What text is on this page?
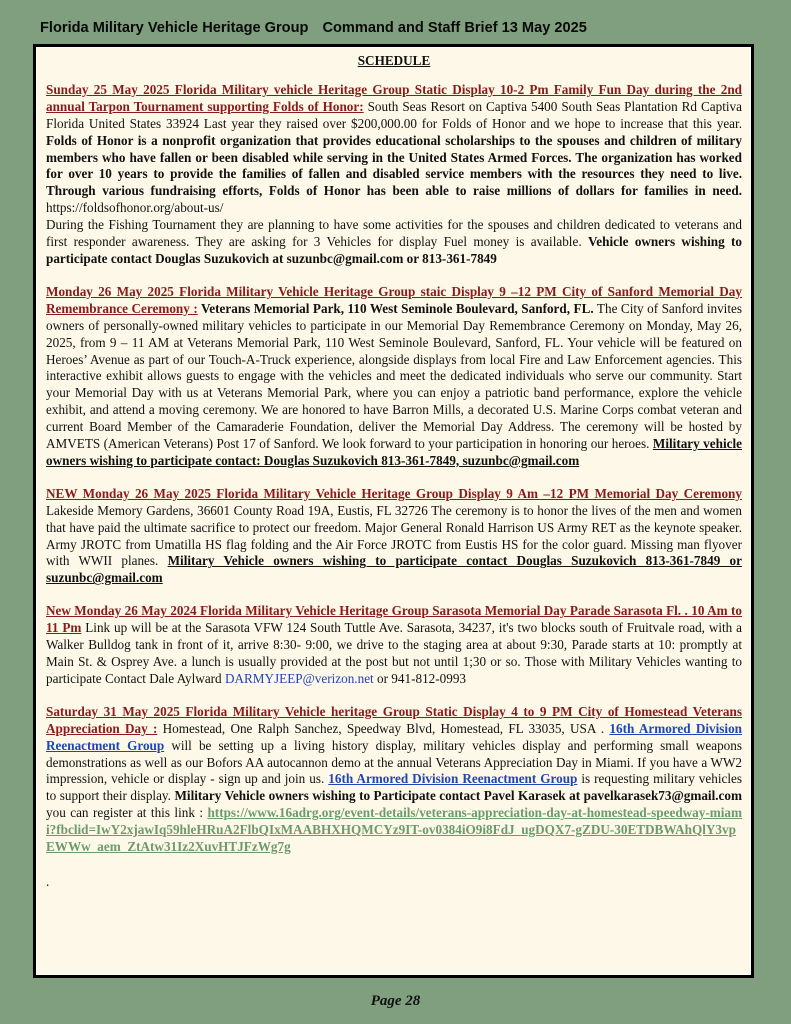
Florida Military Vehicle Heritage Group Command and Staff Brief 13 May 2025
SCHEDULE
Sunday 25 May 2025 Florida Military vehicle Heritage Group Static Display 10-2 Pm Family Fun Day during the 2nd annual Tarpon Tournament supporting Folds of Honor: South Seas Resort on Captiva 5400 South Seas Plantation Rd Captiva Florida United States 33924 Last year they raised over $200,000.00 for Folds of Honor and we hope to increase that this year. Folds of Honor is a nonprofit organization that provides educational scholarships to the spouses and children of military members who have fallen or been disabled while serving in the United States Armed Forces. The organization has worked for over 10 years to provide the families of fallen and disabled service members with the resources they need to live. Through various fundraising efforts, Folds of Honor has been able to raise millions of dollars for families in need. https://foldsofhonor.org/about-us/
During the Fishing Tournament they are planning to have some activities for the spouses and children dedicated to veterans and first responder awareness. They are asking for 3 Vehicles for display Fuel money is available. Vehicle owners wishing to participate contact Douglas Suzukovich at suzunbc@gmail.com or 813-361-7849
Monday 26 May 2025 Florida Military Vehicle Heritage Group staic Display 9 –12 PM City of Sanford Memorial Day Remembrance Ceremony : Veterans Memorial Park, 110 West Seminole Boulevard, Sanford, FL. The City of Sanford invites owners of personally-owned military vehicles to participate in our Memorial Day Remembrance Ceremony on Monday, May 26, 2025, from 9 – 11 AM at Veterans Memorial Park, 110 West Seminole Boulevard, Sanford, FL. Your vehicle will be featured on Heroes’ Avenue as part of our Touch-A-Truck experience, alongside displays from local Fire and Law Enforcement agencies. This interactive exhibit allows guests to engage with the vehicles and meet the dedicated individuals who serve our community. Start your Memorial Day with us at Veterans Memorial Park, where you can enjoy a patriotic band performance, explore the vehicle exhibit, and attend a moving ceremony. We are honored to have Barron Mills, a decorated U.S. Marine Corps combat veteran and current Board Member of the Camaraderie Foundation, deliver the Memorial Day Address. The ceremony will be hosted by AMVETS (American Veterans) Post 17 of Sanford. We look forward to your participation in honoring our heroes. Military vehicle owners wishing to participate contact: Douglas Suzukovich 813-361-7849, suzunbc@gmail.com
NEW Monday 26 May 2025 Florida Military Vehicle Heritage Group Display 9 Am –12 PM Memorial Day Ceremony Lakeside Memory Gardens, 36601 County Road 19A, Eustis, FL 32726 The ceremony is to honor the lives of the men and women that have paid the ultimate sacrifice to protect our freedom. Major General Ronald Harrison US Army RET as the keynote speaker. Army JROTC from Umatilla HS flag folding and the Air Force JROTC from Eustis HS for the color guard. Missing man flyover with WWII planes. Military Vehicle owners wishing to participate contact Douglas Suzukovich 813-361-7849 or suzunbc@gmail.com
New Monday 26 May 2024 Florida Military Vehicle Heritage Group Sarasota Memorial Day Parade Sarasota Fl. . 10 Am to 11 Pm Link up will be at the Sarasota VFW 124 South Tuttle Ave. Sarasota, 34237, it's two blocks south of Fruitvale road, with a Walker Bulldog tank in front of it, arrive 8:30- 9:00, we drive to the staging area at about 9:30, Parade starts at 10: promptly at Main St. & Osprey Ave. a lunch is usually provided at the post but not until 1;30 or so. Those with Military Vehicles wanting to participate Contact Dale Aylward DARMYJEEP@verizon.net or 941-812-0993
Saturday 31 May 2025 Florida Military Vehicle heritage Group Static Display 4 to 9 PM City of Homestead Veterans Appreciation Day : Homestead, One Ralph Sanchez, Speedway Blvd, Homestead, FL 33035, USA . 16th Armored Division Reenactment Group will be setting up a living history display, military vehicles display and performing small weapons demonstrations as well as our Bofors AA autocannon demo at the annual Veterans Appreciation Day in Miami. If you have a WW2 impression, vehicle or display - sign up and join us. 16th Armored Division Reenactment Group is requesting military vehicles to support their display. Military Vehicle owners wishing to Participate contact Pavel Karasek at pavelkarasek73@gmail.com you can register at this link : https://www.16adrg.org/event-details/veterans-appreciation-day-at-homestead-speedway-miami?fbclid=IwY2xjawIq59hleHRuA2FlbQIxMAABHXHQMCYz9IT-ov0384iO9i8FdJ_ugDQX7-gZDU-30ETDBWAhQlY3vpEWWw_aem_ZtAtw31Iz2XuvHTJFzWg7g
.
Page 28
